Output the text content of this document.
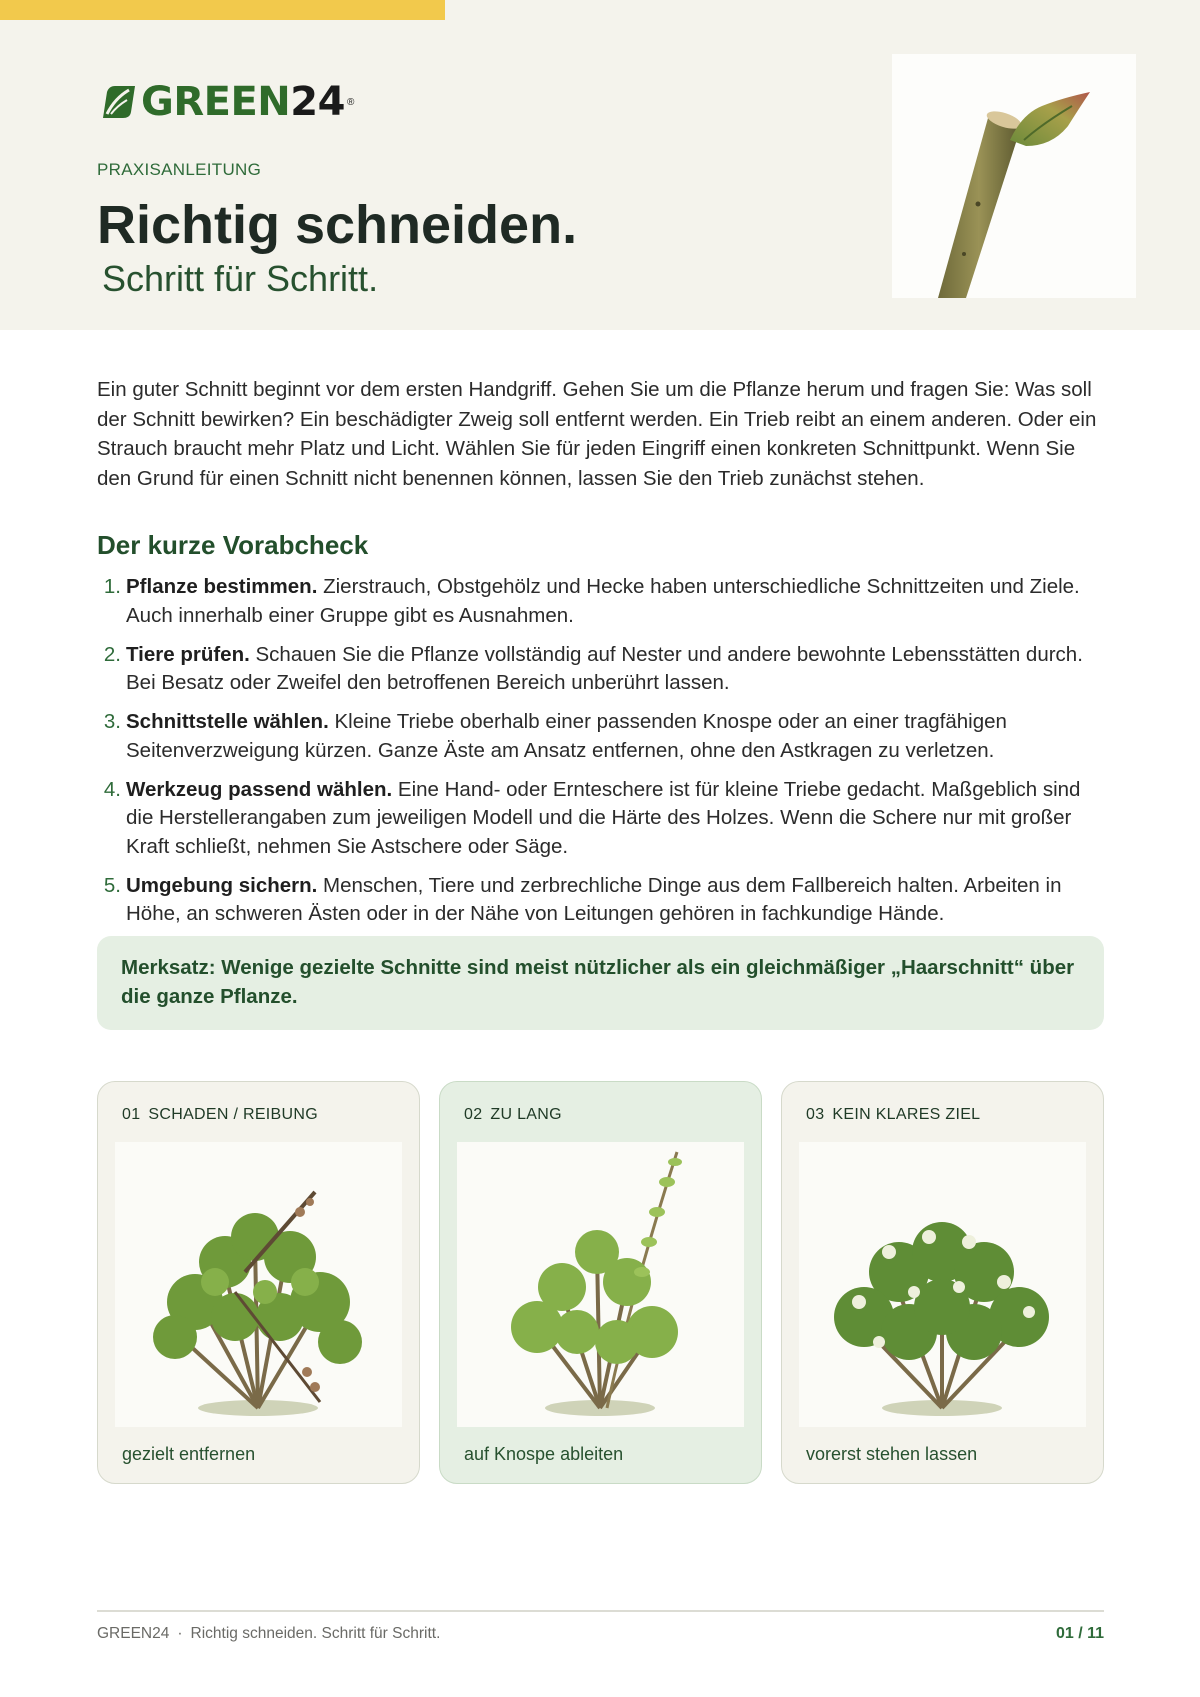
GREEN24 ®
PRAXISANLEITUNG
Richtig schneiden.
Schritt für Schritt.

Ein guter Schnitt beginnt vor dem ersten Handgriff. Gehen Sie um die Pflanze herum und fragen Sie: Was soll der Schnitt bewirken? Ein beschädigter Zweig soll entfernt werden. Ein Trieb reibt an einem anderen. Oder ein Strauch braucht mehr Platz und Licht. Wählen Sie für jeden Eingriff einen konkreten Schnittpunkt. Wenn Sie den Grund für einen Schnitt nicht benennen können, lassen Sie den Trieb zunächst stehen.

Der kurze Vorabcheck
1. Pflanze bestimmen. Zierstrauch, Obstgehölz und Hecke haben unterschiedliche Schnittzeiten und Ziele. Auch innerhalb einer Gruppe gibt es Ausnahmen.
2. Tiere prüfen. Schauen Sie die Pflanze vollständig auf Nester und andere bewohnte Lebensstätten durch. Bei Besatz oder Zweifel den betroffenen Bereich unberührt lassen.
3. Schnittstelle wählen. Kleine Triebe oberhalb einer passenden Knospe oder an einer tragfähigen Seitenverzweigung kürzen. Ganze Äste am Ansatz entfernen, ohne den Astkragen zu verletzen.
4. Werkzeug passend wählen. Eine Hand- oder Ernteschere ist für kleine Triebe gedacht. Maßgeblich sind die Herstellerangaben zum jeweiligen Modell und die Härte des Holzes. Wenn die Schere nur mit großer Kraft schließt, nehmen Sie Astschere oder Säge.
5. Umgebung sichern. Menschen, Tiere und zerbrechliche Dinge aus dem Fallbereich halten. Arbeiten in Höhe, an schweren Ästen oder in der Nähe von Leitungen gehören in fachkundige Hände.
Merksatz: Wenige gezielte Schnitte sind meist nützlicher als ein gleichmäßiger „Haarschnitt“ über die ganze Pflanze.
01 SCHADEN / REIBUNG
gezielt entfernen
02 ZU LANG
auf Knospe ableiten
03 KEIN KLARES ZIEL
vorerst stehen lassen
GREEN24 · Richtig schneiden. Schritt für Schritt.	01 / 11
